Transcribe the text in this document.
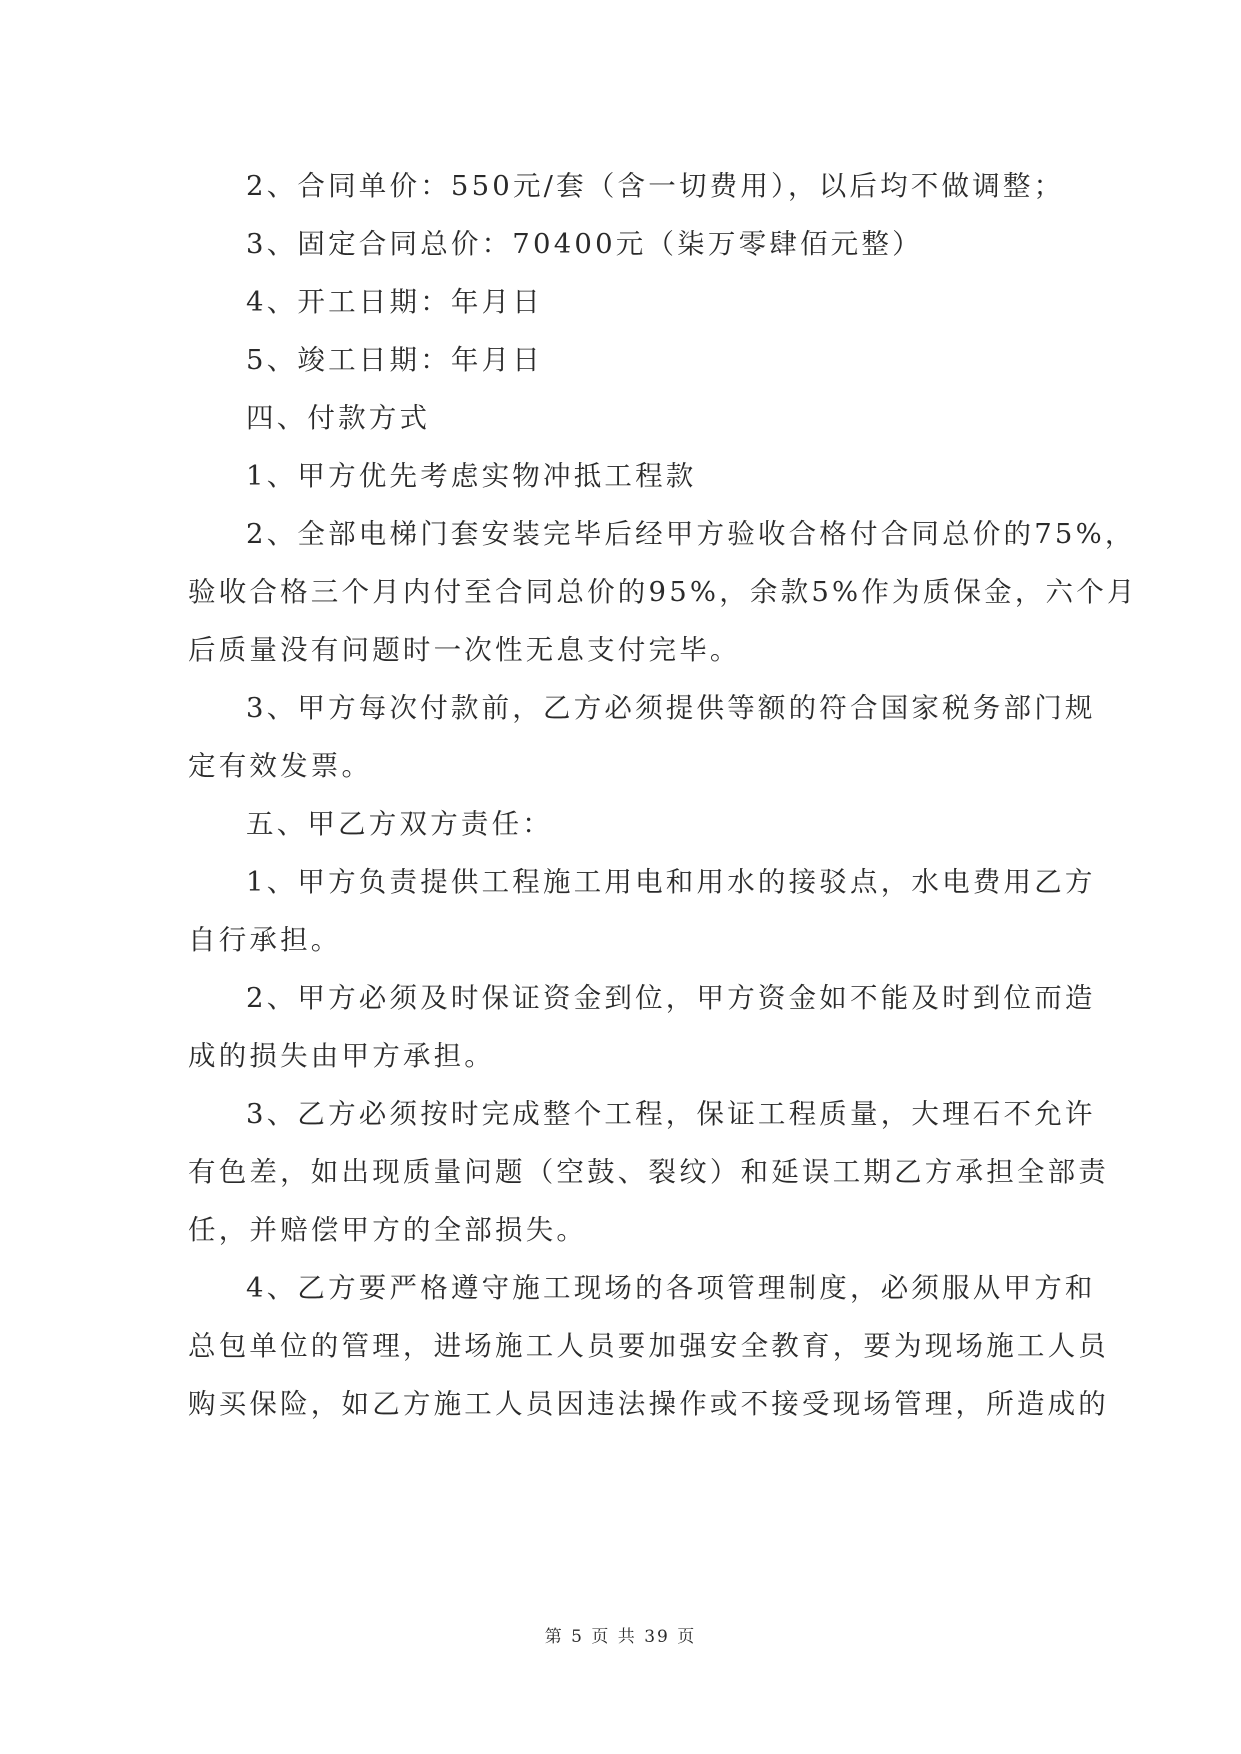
2、合同单价：550元/套（含一切费用），以后均不做调整；
3、固定合同总价：70400元（柒万零肆佰元整）
4、开工日期：年月日
5、竣工日期：年月日
四、付款方式
1、甲方优先考虑实物冲抵工程款
2、全部电梯门套安装完毕后经甲方验收合格付合同总价的75%，
验收合格三个月内付至合同总价的95%，余款5%作为质保金，六个月
后质量没有问题时一次性无息支付完毕。
3、甲方每次付款前，乙方必须提供等额的符合国家税务部门规
定有效发票。
五、甲乙方双方责任：
1、甲方负责提供工程施工用电和用水的接驳点，水电费用乙方
自行承担。
2、甲方必须及时保证资金到位，甲方资金如不能及时到位而造
成的损失由甲方承担。
3、乙方必须按时完成整个工程，保证工程质量，大理石不允许
有色差，如出现质量问题（空鼓、裂纹）和延误工期乙方承担全部责
任，并赔偿甲方的全部损失。
4、乙方要严格遵守施工现场的各项管理制度，必须服从甲方和
总包单位的管理，进场施工人员要加强安全教育，要为现场施工人员
购买保险，如乙方施工人员因违法操作或不接受现场管理，所造成的
第 5 页 共 39 页
